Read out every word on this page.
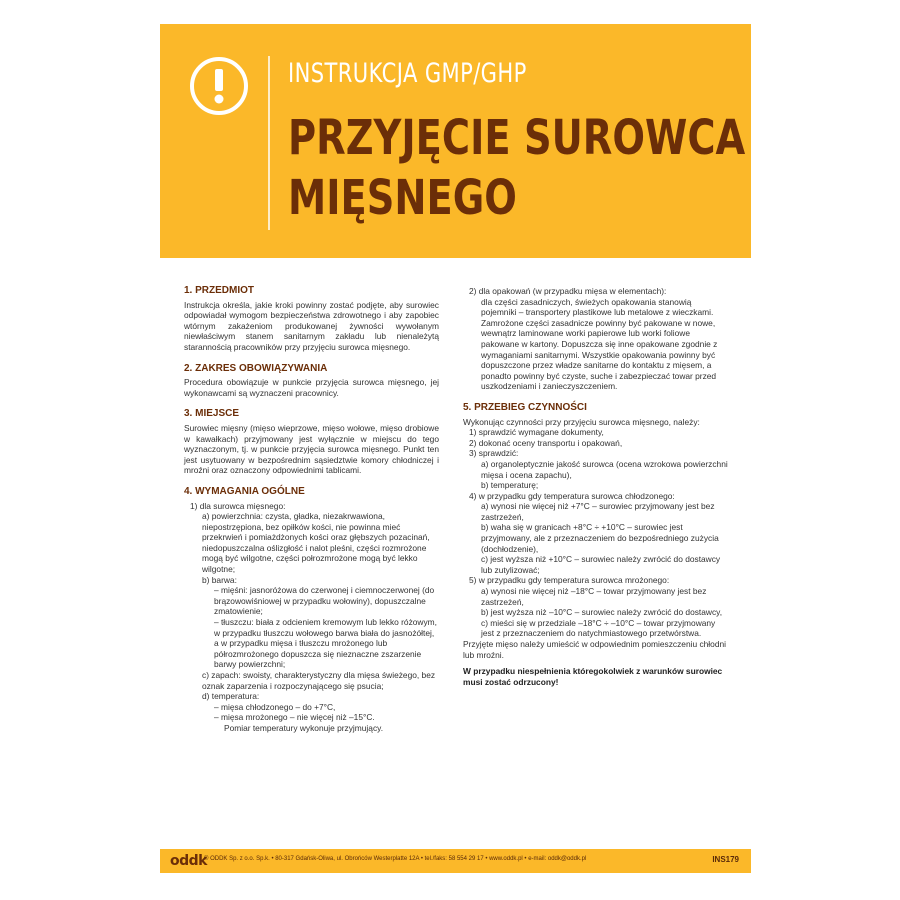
INSTRUKCJA GMP/GHP
PRZYJĘCIE SUROWCA
MIĘSNEGO
1. PRZEDMIOT
Instrukcja określa, jakie kroki powinny zostać podjęte, aby surowiec odpowiadał wymogom bezpieczeństwa zdrowotnego i aby zapobiec wtórnym zakażeniom produkowanej żywności wywołanym niewłaściwym stanem sanitarnym zakładu lub nienależytą starannością pracowników przy przyjęciu surowca mięsnego.
2. ZAKRES OBOWIĄZYWANIA
Procedura obowiązuje w punkcie przyjęcia surowca mięsnego, jej wykonawcami są wyznaczeni pracownicy.
3. MIEJSCE
Surowiec mięsny (mięso wieprzowe, mięso wołowe, mięso drobiowe w kawałkach) przyjmowany jest wyłącznie w miejscu do tego wyznaczonym, tj. w punkcie przyjęcia surowca mięsnego. Punkt ten jest usytuowany w bezpośrednim sąsiedztwie komory chłodniczej i mroźni oraz oznaczony odpowiednimi tablicami.
4. WYMAGANIA OGÓLNE
1) dla surowca mięsnego:
a) powierzchnia: czysta, gładka, niezakrwawiona, niepostrzępiona, bez opiłków kości, nie powinna mieć przekrwień i pomiażdżonych kości oraz głębszych pozacinań, niedopuszczalna oślizgłość i nalot pleśni, części rozmrożone mogą być wilgotne, części połrozmrożone mogą być lekko wilgotne;
b) barwa:
– mięśni: jasnoróżowa do czerwonej i ciemnoczerwonej (do brązowowiśniowej w przypadku wołowiny), dopuszczalne zmatowienie;
– tłuszczu: biała z odcieniem kremowym lub lekko różowym, w przypadku tłuszczu wołowego barwa biała do jasnożółtej, a w przypadku mięsa i tłuszczu mrożonego lub półrozmrożonego dopuszcza się nieznaczne zszarzenie barwy powierzchni;
c) zapach: swoisty, charakterystyczny dla mięsa świeżego, bez oznak zaparzenia i rozpoczynającego się psucia;
d) temperatura:
– mięsa chłodzonego – do +7°C,
– mięsa mrożonego – nie więcej niż –15°C.
Pomiar temperatury wykonuje przyjmujący.
2) dla opakowań (w przypadku mięsa w elementach):
dla części zasadniczych, świeżych opakowania stanowią pojemniki – transportery plastikowe lub metalowe z wieczkami. Zamrożone części zasadnicze powinny być pakowane w nowe, wewnątrz laminowane worki papierowe lub worki foliowe pakowane w kartony. Dopuszcza się inne opakowane zgodnie z wymaganiami sanitarnymi. Wszystkie opakowania powinny być dopuszczone przez władze sanitarne do kontaktu z mięsem, a ponadto powinny być czyste, suche i zabezpieczać towar przed uszkodzeniami i zanieczyszczeniem.
5. PRZEBIEG CZYNNOŚCI
Wykonując czynności przy przyjęciu surowca mięsnego, należy:
1) sprawdzić wymagane dokumenty,
2) dokonać oceny transportu i opakowań,
3) sprawdzić:
a) organoleptycznie jakość surowca (ocena wzrokowa powierzchni mięsa i ocena zapachu),
b) temperaturę;
4) w przypadku gdy temperatura surowca chłodzonego:
a) wynosi nie więcej niż +7°C – surowiec przyjmowany jest bez zastrzeżeń,
b) waha się w granicach +8°C ÷ +10°C – surowiec jest przyjmowany, ale z przeznaczeniem do bezpośredniego zużycia (dochłodzenie),
c) jest wyższa niż +10°C – surowiec należy zwrócić do dostawcy lub zutylizować;
5) w przypadku gdy temperatura surowca mrożonego:
a) wynosi nie więcej niż –18°C – towar przyjmowany jest bez zastrzeżeń,
b) jest wyższa niż –10°C – surowiec należy zwrócić do dostawcy,
c) mieści się w przedziale –18°C ÷ –10°C – towar przyjmowany jest z przeznaczeniem do natychmiastowego przetwórstwa.
Przyjęte mięso należy umieścić w odpowiednim pomieszczeniu chłodni lub mroźni.
W przypadku niespełnienia któregokolwiek z warunków surowiec musi zostać odrzucony!
oddk
© ODDK Sp. z o.o. Sp.k. • 80-317 Gdańsk-Oliwa, ul. Obrońców Westerplatte 12A • tel./faks: 58 554 29 17 • www.oddk.pl • e-mail: oddk@oddk.pl	INS179
